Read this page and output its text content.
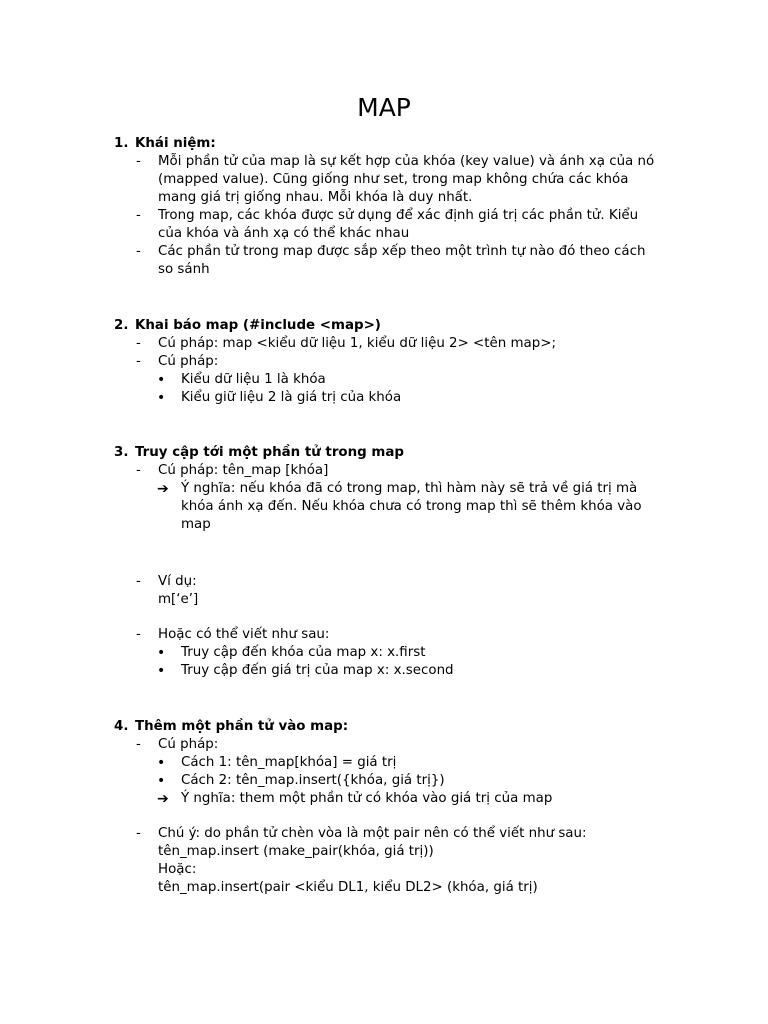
MAP
1. Khái niệm:
- Mỗi phần tử của map là sự kết hợp của khóa (key value) và ánh xạ của nó
(mapped value). Cũng giống như set, trong map không chứa các khóa
mang giá trị giống nhau. Mỗi khóa là duy nhất.
- Trong map, các khóa được sử dụng để xác định giá trị các phần tử. Kiểu
của khóa và ánh xạ có thể khác nhau
- Các phần tử trong map được sắp xếp theo một trình tự nào đó theo cách
so sánh
2. Khai báo map (#include <map>)
- Cú pháp: map <kiểu dữ liệu 1, kiểu dữ liệu 2> <tên map>;
- Cú pháp:
• Kiểu dữ liệu 1 là khóa
• Kiểu giữ liệu 2 là giá trị của khóa
3. Truy cập tới một phần tử trong map
- Cú pháp: tên_map [khóa]
➔ Ý nghĩa: nếu khóa đã có trong map, thì hàm này sẽ trả về giá trị mà
khóa ánh xạ đến. Nếu khóa chưa có trong map thì sẽ thêm khóa vào
map
- Ví dụ:
m[‘e’]
- Hoặc có thể viết như sau:
• Truy cập đến khóa của map x: x.first
• Truy cập đến giá trị của map x: x.second
4. Thêm một phần tử vào map:
- Cú pháp:
• Cách 1: tên_map[khóa] = giá trị
• Cách 2: tên_map.insert({khóa, giá trị})
➔ Ý nghĩa: them một phần tử có khóa vào giá trị của map
- Chú ý: do phần tử chèn vòa là một pair nên có thể viết như sau:
tên_map.insert (make_pair(khóa, giá trị))
Hoặc:
tên_map.insert(pair <kiểu DL1, kiểu DL2> (khóa, giá trị)
